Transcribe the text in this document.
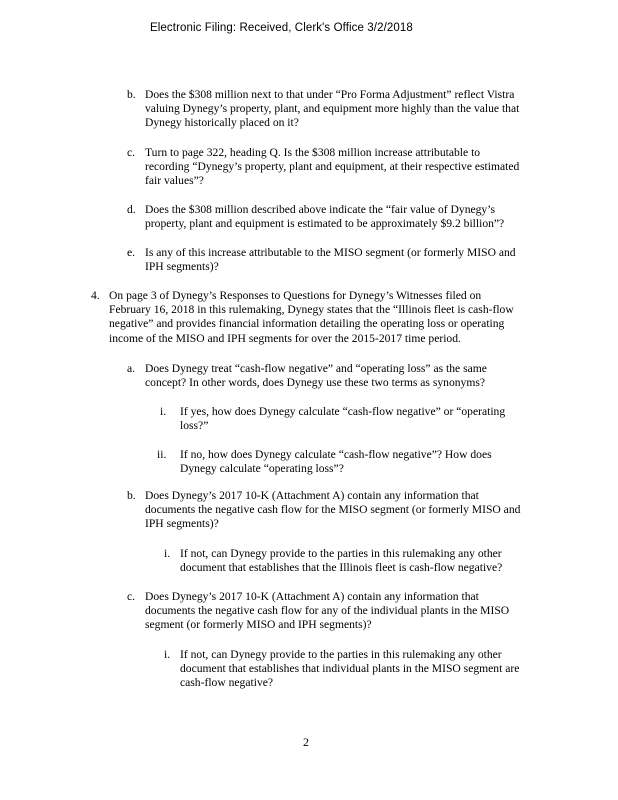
Electronic Filing: Received, Clerk's Office 3/2/2018
b. Does the $308 million next to that under “Pro Forma Adjustment” reflect Vistra
valuing Dynegy’s property, plant, and equipment more highly than the value that
Dynegy historically placed on it?
c. Turn to page 322, heading Q. Is the $308 million increase attributable to
recording “Dynegy’s property, plant and equipment, at their respective estimated
fair values”?
d. Does the $308 million described above indicate the “fair value of Dynegy’s
property, plant and equipment is estimated to be approximately $9.2 billion”?
e. Is any of this increase attributable to the MISO segment (or formerly MISO and
IPH segments)?
4. On page 3 of Dynegy’s Responses to Questions for Dynegy’s Witnesses filed on
February 16, 2018 in this rulemaking, Dynegy states that the “Illinois fleet is cash-flow
negative” and provides financial information detailing the operating loss or operating
income of the MISO and IPH segments for over the 2015-2017 time period.
a. Does Dynegy treat “cash-flow negative” and “operating loss” as the same
concept? In other words, does Dynegy use these two terms as synonyms?
i. If yes, how does Dynegy calculate “cash-flow negative” or “operating
loss?”
ii. If no, how does Dynegy calculate “cash-flow negative”? How does
Dynegy calculate “operating loss”?
b. Does Dynegy’s 2017 10-K (Attachment A) contain any information that
documents the negative cash flow for the MISO segment (or formerly MISO and
IPH segments)?
i. If not, can Dynegy provide to the parties in this rulemaking any other
document that establishes that the Illinois fleet is cash-flow negative?
c. Does Dynegy’s 2017 10-K (Attachment A) contain any information that
documents the negative cash flow for any of the individual plants in the MISO
segment (or formerly MISO and IPH segments)?
i. If not, can Dynegy provide to the parties in this rulemaking any other
document that establishes that individual plants in the MISO segment are
cash-flow negative?
2
